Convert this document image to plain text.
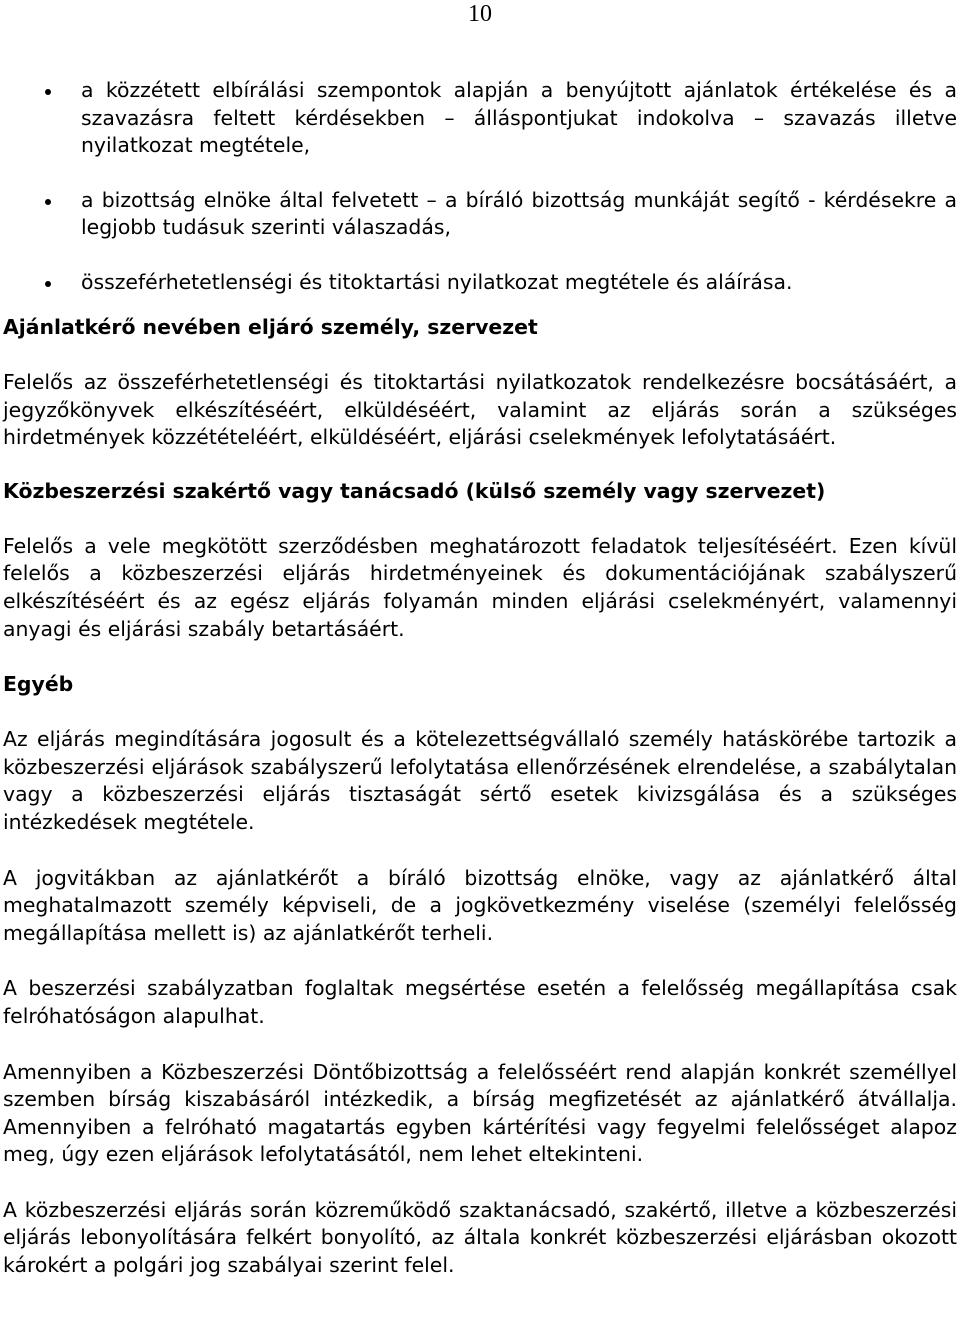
10
a közzétett elbírálási szempontok alapján a benyújtott ajánlatok értékelése és a szavazásra feltett kérdésekben – álláspontjukat indokolva – szavazás illetve nyilatkozat megtétele,
a bizottság elnöke által felvetett – a bíráló bizottság munkáját segítő - kérdésekre a legjobb tudásuk szerinti válaszadás,
összeférhetetlenségi és titoktartási nyilatkozat megtétele és aláírása.
Ajánlatkérő nevében eljáró személy, szervezet

Felelős az összeférhetetlenségi és titoktartási nyilatkozatok rendelkezésre bocsátásáért, a jegyzőkönyvek elkészítéséért, elküldéséért, valamint az eljárás során a szükséges hirdetmények közzétételéért, elküldéséért, eljárási cselekmények lefolytatásáért.

Közbeszerzési szakértő vagy tanácsadó (külső személy vagy szervezet)

Felelős a vele megkötött szerződésben meghatározott feladatok teljesítéséért. Ezen kívül felelős a közbeszerzési eljárás hirdetményeinek és dokumentációjának szabályszerű elkészítéséért és az egész eljárás folyamán minden eljárási cselekményért, valamennyi anyagi és eljárási szabály betartásáért.

Egyéb

Az eljárás megindítására jogosult és a kötelezettségvállaló személy hatáskörébe tartozik a közbeszerzési eljárások szabályszerű lefolytatása ellenőrzésének elrendelése, a szabálytalan vagy a közbeszerzési eljárás tisztaságát sértő esetek kivizsgálása és a szükséges intézkedések megtétele.

A jogvitákban az ajánlatkérőt a bíráló bizottság elnöke, vagy az ajánlatkérő által meghatalmazott személy képviseli, de a jogkövetkezmény viselése (személyi felelősség megállapítása mellett is) az ajánlatkérőt terheli.

A beszerzési szabályzatban foglaltak megsértése esetén a felelősség megállapítása csak felróhatóságon alapulhat.

Amennyiben a Közbeszerzési Döntőbizottság a felelősséért rend alapján konkrét személlyel szemben bírság kiszabásáról intézkedik, a bírság megfizetését az ajánlatkérő átvállalja. Amennyiben a felróható magatartás egyben kártérítési vagy fegyelmi felelősséget alapoz meg, úgy ezen eljárások lefolytatásától, nem lehet eltekinteni.

A közbeszerzési eljárás során közreműködő szaktanácsadó, szakértő, illetve a közbeszerzési eljárás lebonyolítására felkért bonyolító, az általa konkrét közbeszerzési eljárásban okozott károkért a polgári jog szabályai szerint felel.
